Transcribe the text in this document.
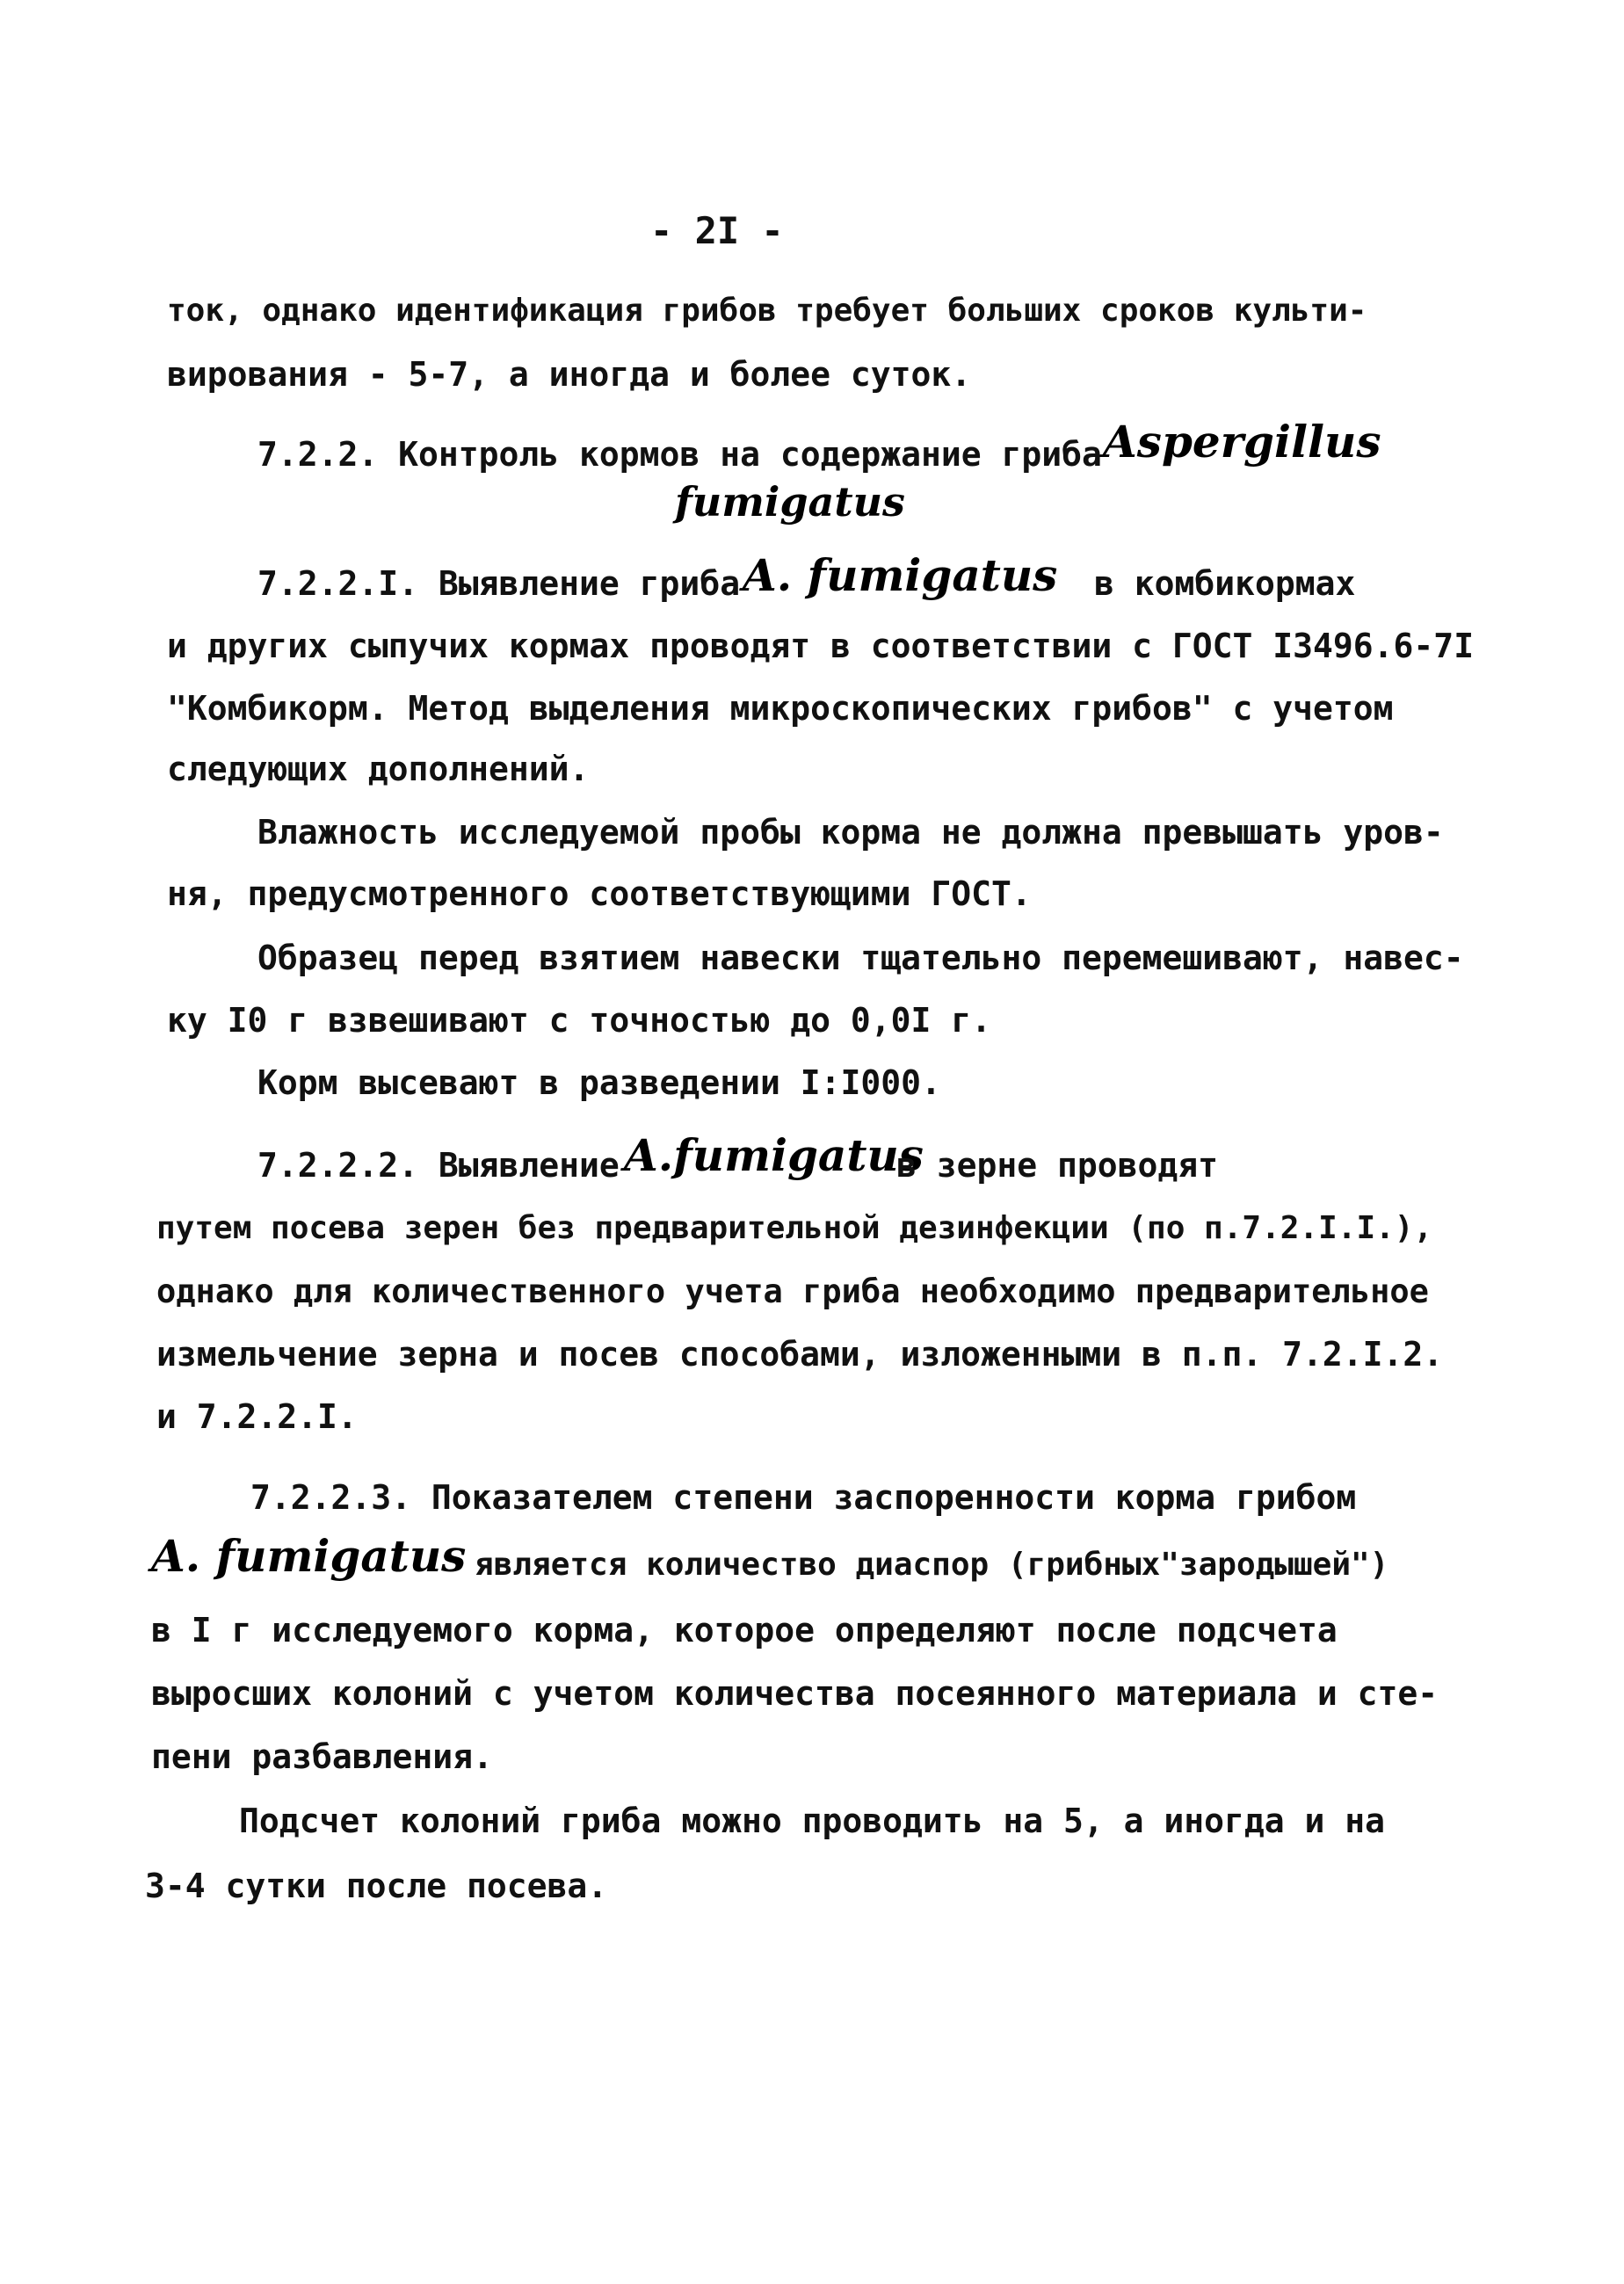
- 2I -
ток, однако идентификация грибов требует больших сроков культи-
вирования - 5-7, а иногда и более суток.
7.2.2. Контроль кормов на содержание гриба Aspergillus
fumigatus
7.2.2.I. Выявление гриба A. fumigatus в комбикормах
и других сыпучих кормах проводят в соответствии с ГОСТ I3496.6-7I
"Комбикорм. Метод выделения микроскопических грибов" с учетом
следующих дополнений.
Влажность исследуемой пробы корма не должна превышать уров-
ня, предусмотренного соответствующими ГОСТ.
Образец перед взятием навески тщательно перемешивают, навес-
ку I0 г взвешивают с точностью до 0,0I г.
Корм высевают в разведении I:I000.
7.2.2.2. Выявление A.fumigatus
в зерне проводят
путем посева зерен без предварительной дезинфекции (по п.7.2.I.I.),
однако для количественного учета гриба необходимо предварительное
измельчение зерна и посев способами, изложенными в п.п. 7.2.I.2.
и 7.2.2.I.
7.2.2.3. Показателем степени заспоренности корма грибом
A. fumigatus является количество диаспор (грибных"зародышей")
в I г исследуемого корма, которое определяют после подсчета
выросших колоний с учетом количества посеянного материала и сте-
пени разбавления.
Подсчет колоний гриба можно проводить на 5, а иногда и на
3-4 сутки после посева.
